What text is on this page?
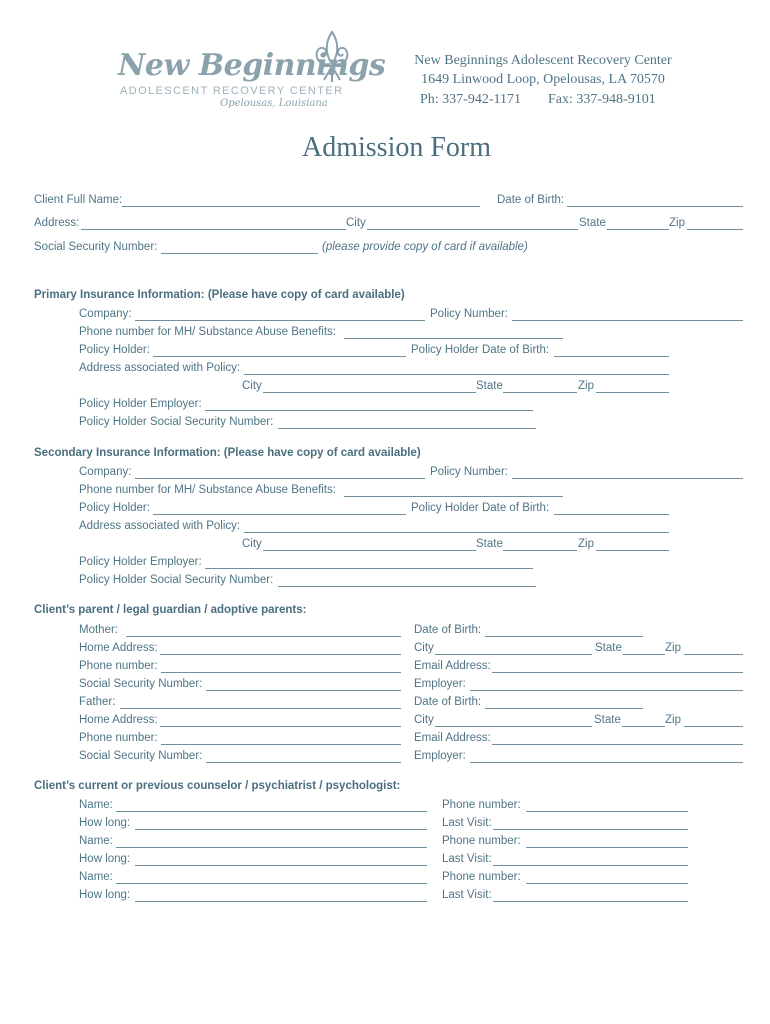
New Beginnings
ADOLESCENT RECOVERY CENTER
Opelousas, Louisiana
New Beginnings Adolescent Recovery Center
1649 Linwood Loop, Opelousas, LA 70570
Ph: 337-942-1171 Fax: 337-948-9101
Admission Form
Client Full Name:	Date of Birth:
Address:	City	State	Zip
Social Security Number:	(please provide copy of card if available)
Primary Insurance Information: (Please have copy of card available)
Company:	Policy Number:
Phone number for MH/ Substance Abuse Benefits:
Policy Holder:	Policy Holder Date of Birth:
Address associated with Policy:
City	State	Zip
Policy Holder Employer:
Policy Holder Social Security Number:
Secondary Insurance Information: (Please have copy of card available)
Company:	Policy Number:
Phone number for MH/ Substance Abuse Benefits:
Policy Holder:	Policy Holder Date of Birth:
Address associated with Policy:
City	State	Zip
Policy Holder Employer:
Policy Holder Social Security Number:
Client’s parent / legal guardian / adoptive parents:
Mother:	Date of Birth:
Home Address:	City	State	Zip
Phone number:	Email Address:
Social Security Number:	Employer:
Father:	Date of Birth:
Home Address:	City	State	Zip
Phone number:	Email Address:
Social Security Number:	Employer:
Client’s current or previous counselor / psychiatrist / psychologist:
Name:	Phone number:
How long:	Last Visit:
Name:	Phone number:
How long:	Last Visit:
Name:	Phone number:
How long:	Last Visit:
